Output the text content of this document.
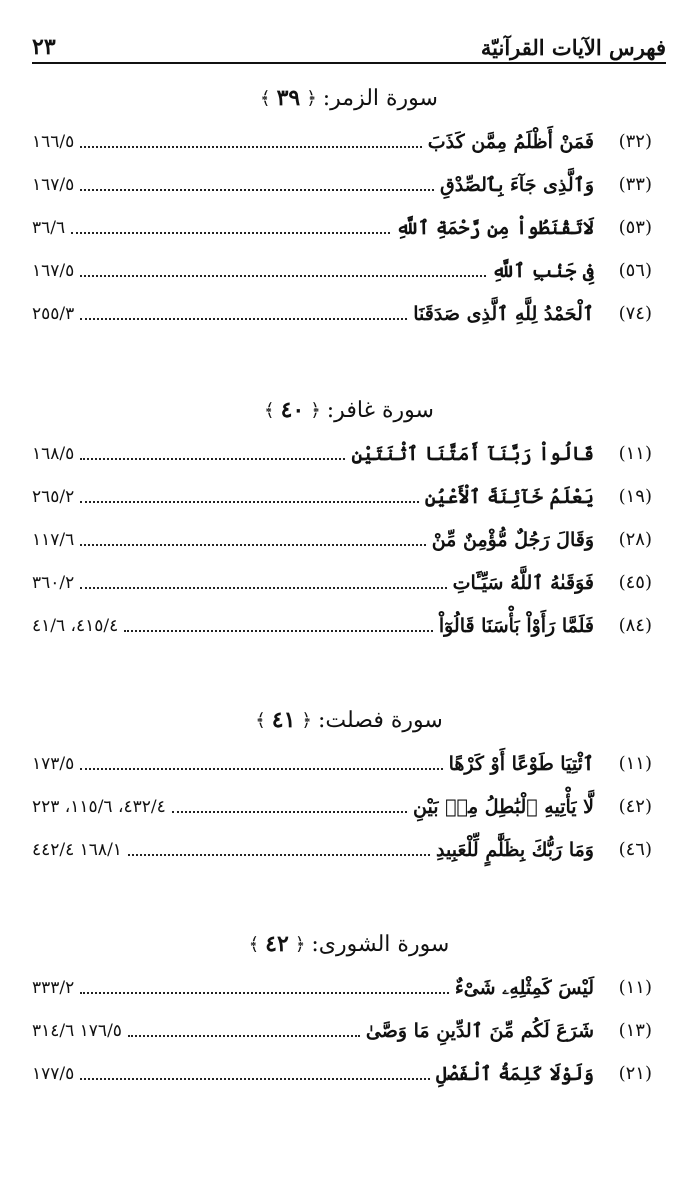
فهرس الآيات القرآنيّة
٢٣
سورة الزمر:
﴿
٣٩
﴾
(٣٢)
فَمَنْ أَظْلَمُ مِمَّن كَذَبَ
١٦٦/٥
(٣٣)
وَٱلَّذِى جَآءَ بِٱلصِّدْقِ
١٦٧/٥
(٥٣)
لَاتَقْنَطُواْ مِن رَّحْمَةِ ٱللَّهِ
٣٦/٦
(٥٦)
فِى جَنۢبِ ٱللَّهِ
١٦٧/٥
(٧٤)
ٱلْحَمْدُ لِلَّهِ ٱلَّذِى صَدَقَنَا
٢٥٥/٣
سورة غافر:
﴿
٤٠
﴾
(١١)
قَالُواْ رَبَّنَآ أَمَتَّنَا ٱثْنَتَيْنِ
١٦٨/٥
(١٩)
يَعْلَمُ خَآئِنَةَ ٱلْأَعْيُنِ
٢٦٥/٢
(٢٨)
وَقَالَ رَجُلٌ مُّؤْمِنٌ مِّنْ
١١٧/٦
(٤٥)
فَوَقَىٰهُ ٱللَّهُ سَيِّـَٔاتِ
٣٦٠/٢
(٨٤)
فَلَمَّا رَأَوْاْ بَأْسَنَا قَالُوٓاْ
٤١٥/٤، ٤١/٦
سورة فصلت:
﴿
٤١
﴾
(١١)
ٱئْتِيَا طَوْعًا أَوْ كَرْهًا
١٧٣/٥
(٤٢)
لَّا يَأْتِيهِ ٱلْبَٰطِلُ مِنۢ بَيْنِ
٤٣٢/٤، ١١٥/٦، ٢٢٣
(٤٦)
وَمَا رَبُّكَ بِظَلَّٰمٍ لِّلْعَبِيدِ
١٦٨/١ ٤٤٢/٤
سورة الشورى:
﴿
٤٢
﴾
(١١)
لَيْسَ كَمِثْلِهِۦ شَىْءٌ
٣٣٣/٢
(١٣)
شَرَعَ لَكُم مِّنَ ٱلدِّينِ مَا وَصَّىٰ
١٧٦/٥ ٣١٤/٦
(٢١)
وَلَوْلَا كَلِمَةُ ٱلْفَصْلِ
١٧٧/٥
